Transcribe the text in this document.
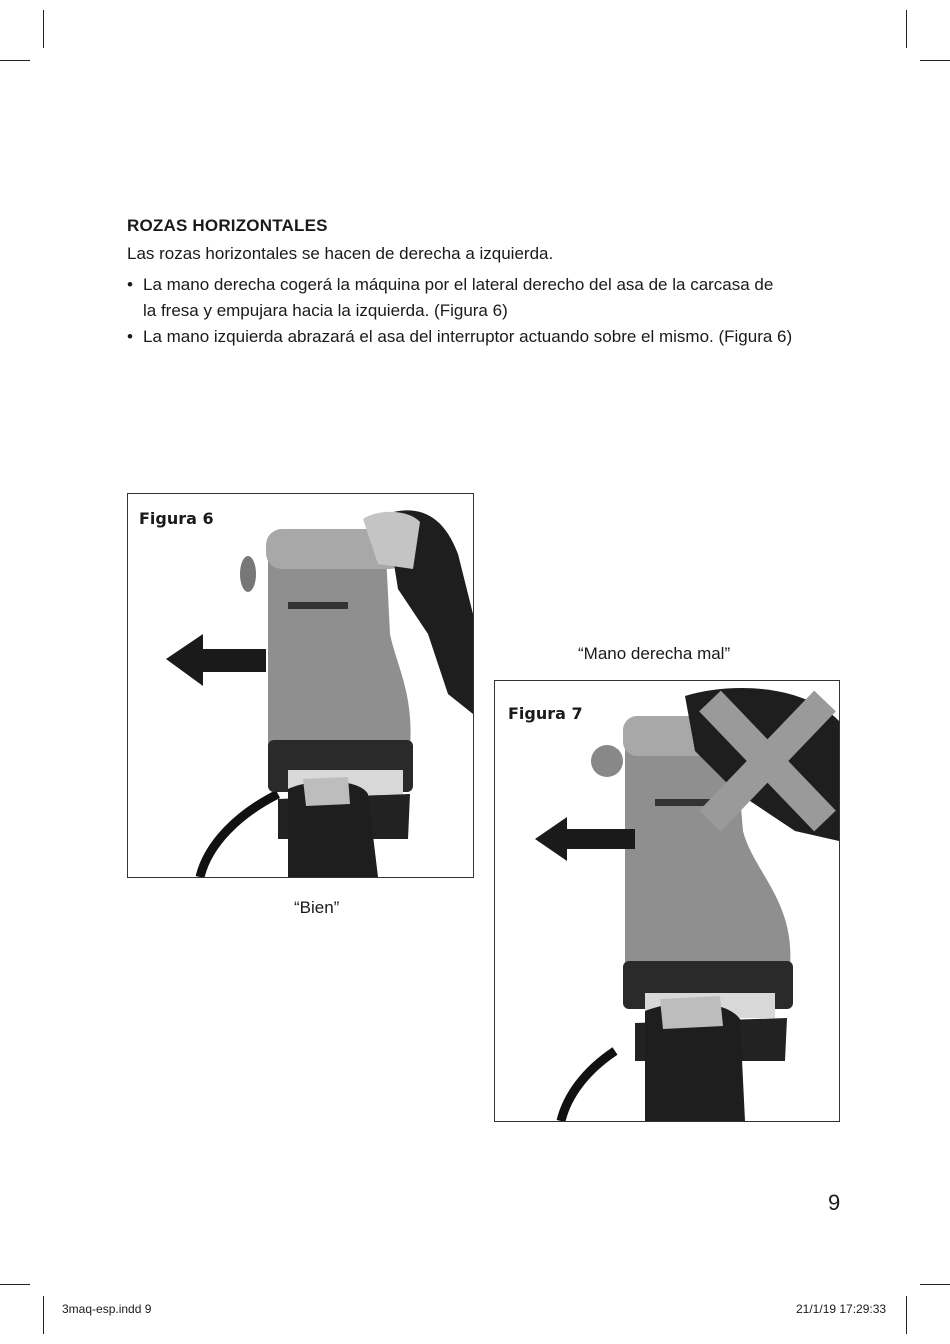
ROZAS HORIZONTALES

Las rozas horizontales se hacen de derecha a izquierda.

• La mano derecha cogerá la máquina por el lateral derecho del asa de la carcasa de
la fresa y empujara hacia la izquierda. (Figura 6)
• La mano izquierda abrazará el asa del interruptor actuando sobre el mismo. (Figura 6)
Figura 6
“Bien”
“Mano derecha mal”
Figura 7
9
3maq-esp.indd 9	21/1/19 17:29:33
